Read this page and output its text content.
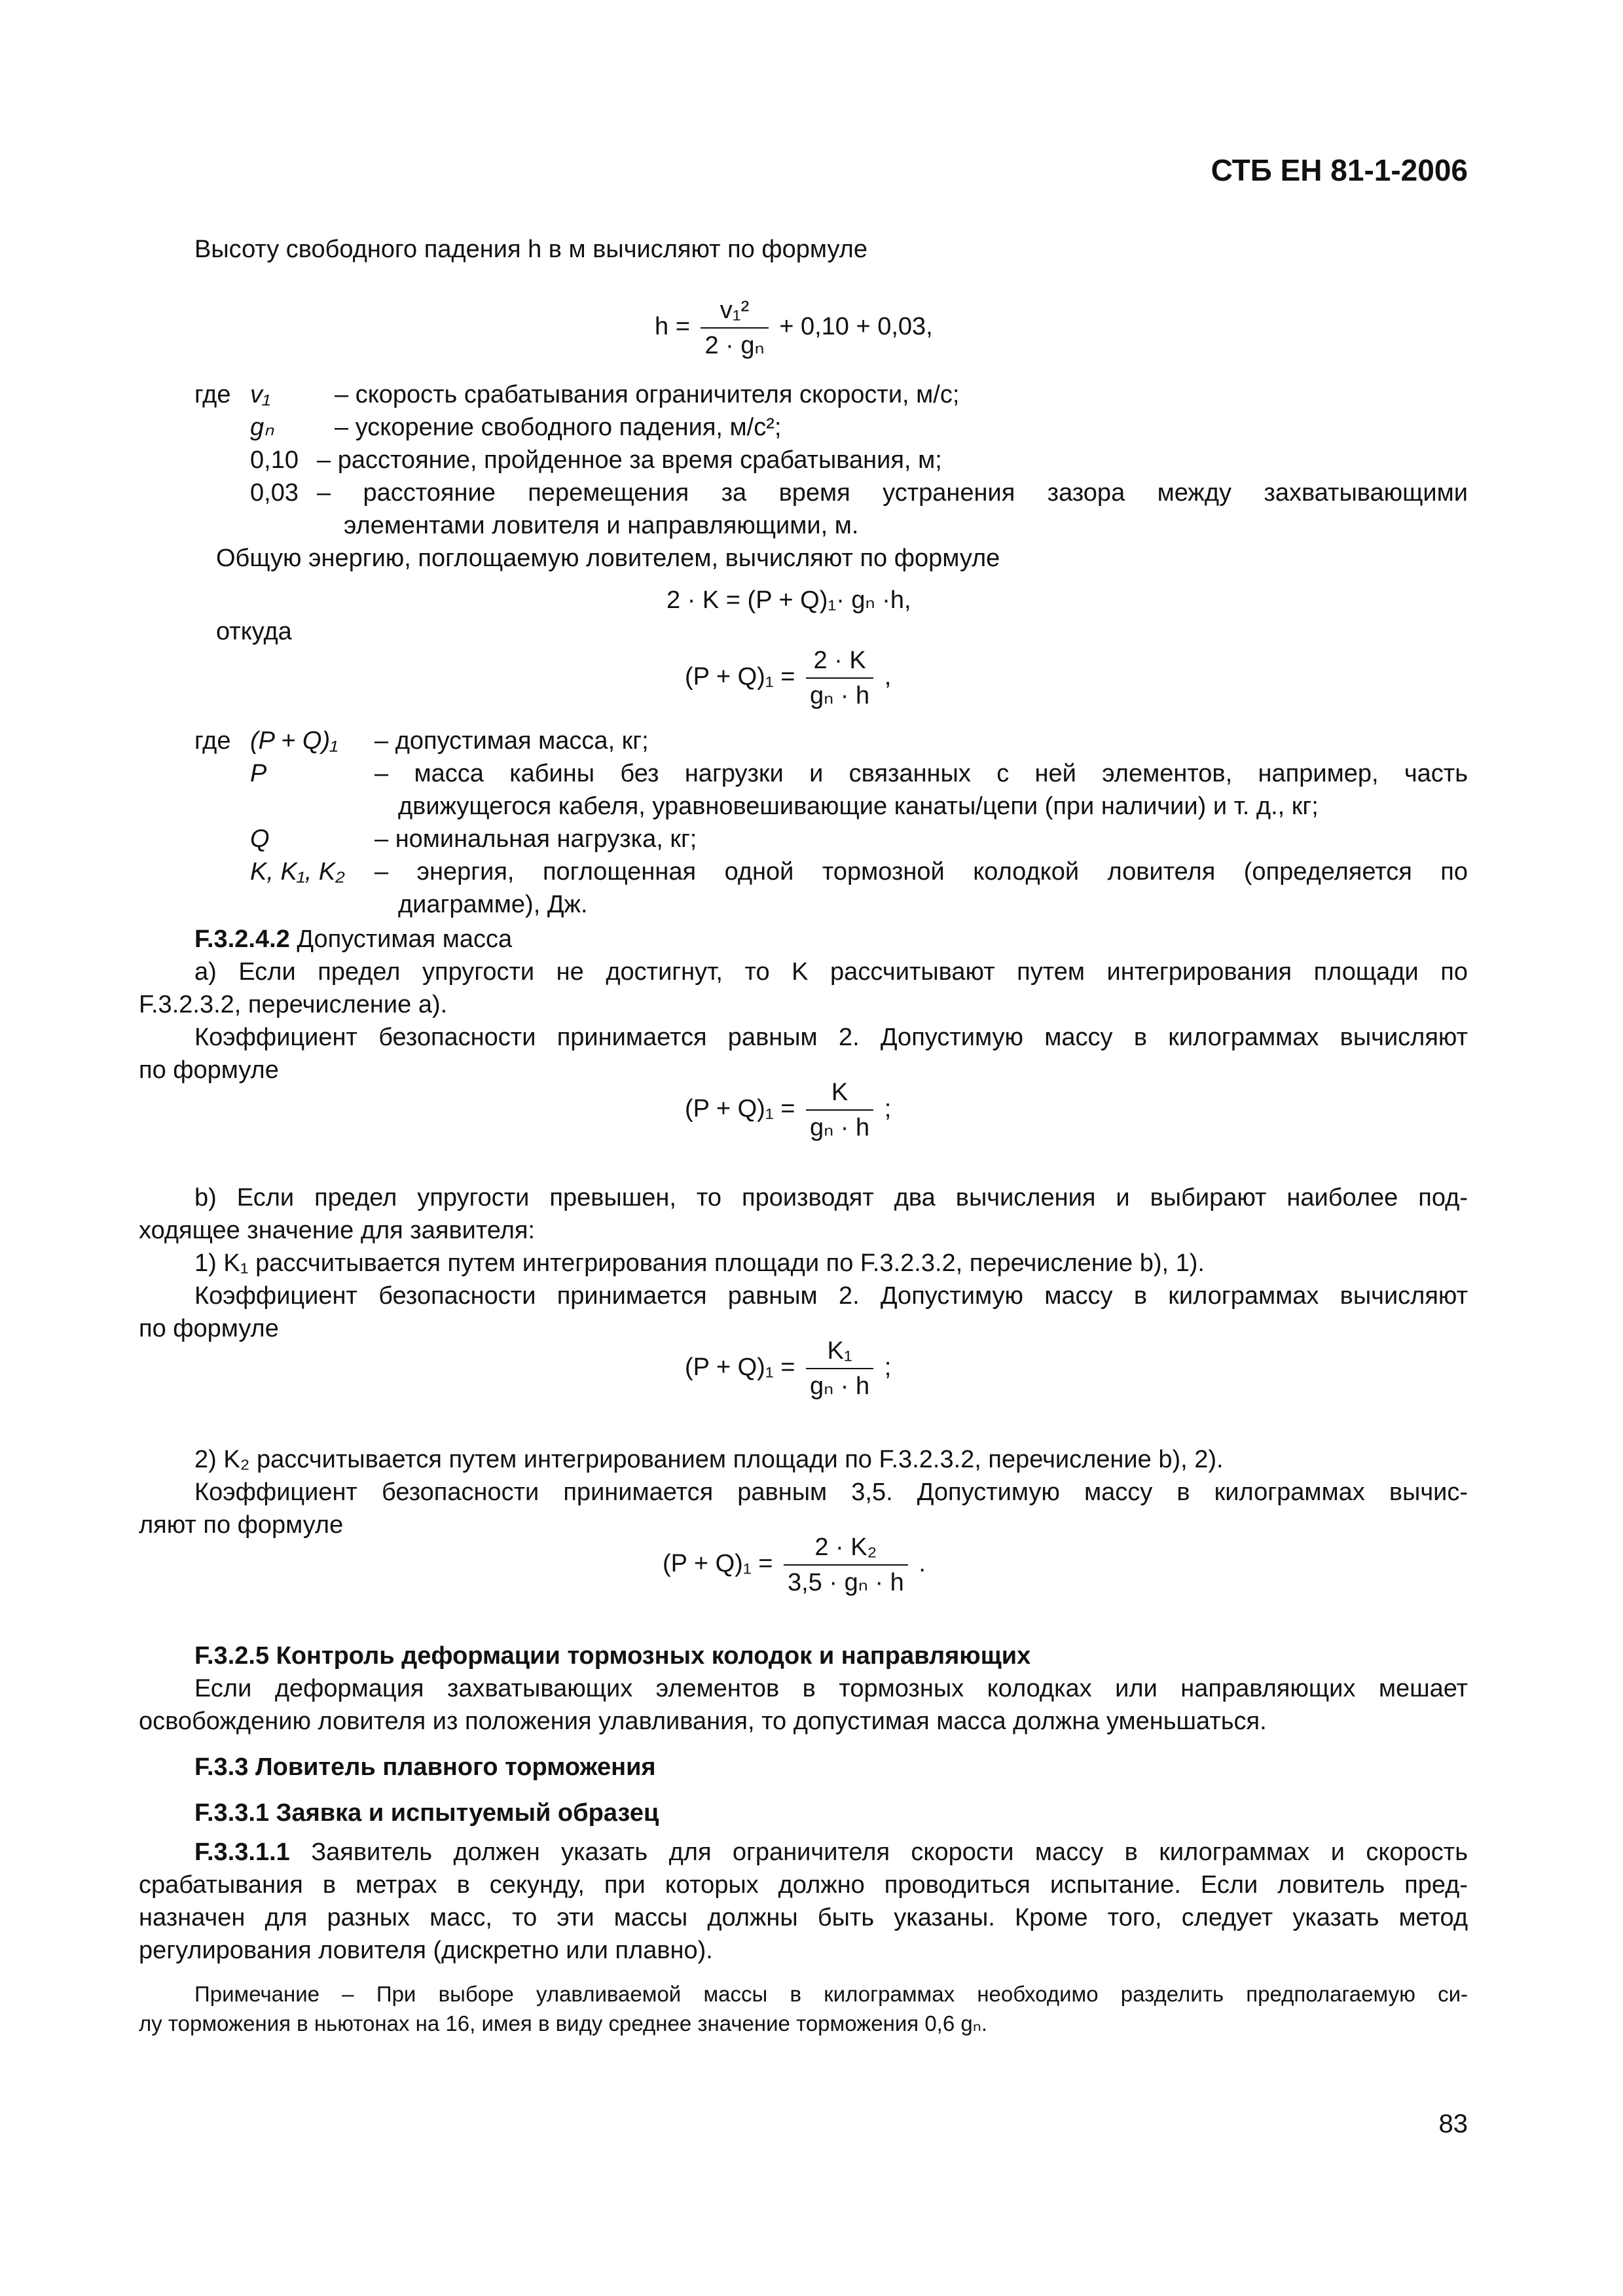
СТБ ЕН 81-1-2006
Высоту свободного падения h в м вычисляют по формуле
$h = \frac{\text{v₁²}}{\text{2 · gₙ}} + 0,10 + 0,03$,
где v₁	– скорость срабатывания ограничителя скорости, м/с;
gₙ – ускорение свободного падения, м/с²;
0,10 – расстояние, пройденное за время срабатывания, м;
0,03 – расстояние перемещения за время устранения зазора между захватывающими
элементами ловителя и направляющими, м.
Общую энергию, поглощаемую ловителем, вычисляют по формуле
2 · K = (P + Q)₁· gₙ ·h,
откуда
$(P + Q)_1 = \frac{2 \cdot K}{\text{gₙ · h}}$ ,
где (P + Q)₁ – допустимая масса, кг;
P	– масса кабины без нагрузки и связанных с ней элементов, например, часть
движущегося кабеля, уравновешивающие канаты/цепи (при наличии) и т. д., кг;
Q	– номинальная нагрузка, кг;
K, K₁, K₂ – энергия, поглощенная одной тормозной колодкой ловителя (определяется по
диаграмме), Дж.
F.3.2.4.2 Допустимая масса
а) Если предел упругости не достигнут, то K рассчитывают путем интегрирования площади по
F.3.2.3.2, перечисление а).
Коэффициент безопасности принимается равным 2. Допустимую массу в килограммах вычисляют
по формуле
$(P + Q)_1 = \frac{K}{\text{gₙ · h}}$ ;
b) Если предел упругости превышен, то производят два вычисления и выбирают наиболее под-
ходящее значение для заявителя:
1) K₁ рассчитывается путем интегрирования площади по F.3.2.3.2, перечисление b), 1).
Коэффициент безопасности принимается равным 2. Допустимую массу в килограммах вычисляют
по формуле
$(P + Q)_1 = \frac{\text{K₁}}{\text{gₙ · h}}$ ;
2) K₂ рассчитывается путем интегрированием площади по F.3.2.3.2, перечисление b), 2).
Коэффициент безопасности принимается равным 3,5. Допустимую массу в килограммах вычис-
ляют по формуле
$(P + Q)_1 = \frac{\text{2 · K₂}}{\text{3,5 · gₙ · h}}$ .
F.3.2.5 Контроль деформации тормозных колодок и направляющих
Если деформация захватывающих элементов в тормозных колодках или направляющих мешает
освобождению ловителя из положения улавливания, то допустимая масса должна уменьшаться.
F.3.3 Ловитель плавного торможения
F.3.3.1 Заявка и испытуемый образец
F.3.3.1.1 Заявитель должен указать для ограничителя скорости массу в килограммах и скорость
срабатывания в метрах в секунду, при которых должно проводиться испытание. Если ловитель пред-
назначен для разных масс, то эти массы должны быть указаны. Кроме того, следует указать метод
регулирования ловителя (дискретно или плавно).
Примечание – При выборе улавливаемой массы в килограммах необходимо разделить предполагаемую си-
лу торможения в ньютонах на 16, имея в виду среднее значение торможения 0,6 gₙ.
83
